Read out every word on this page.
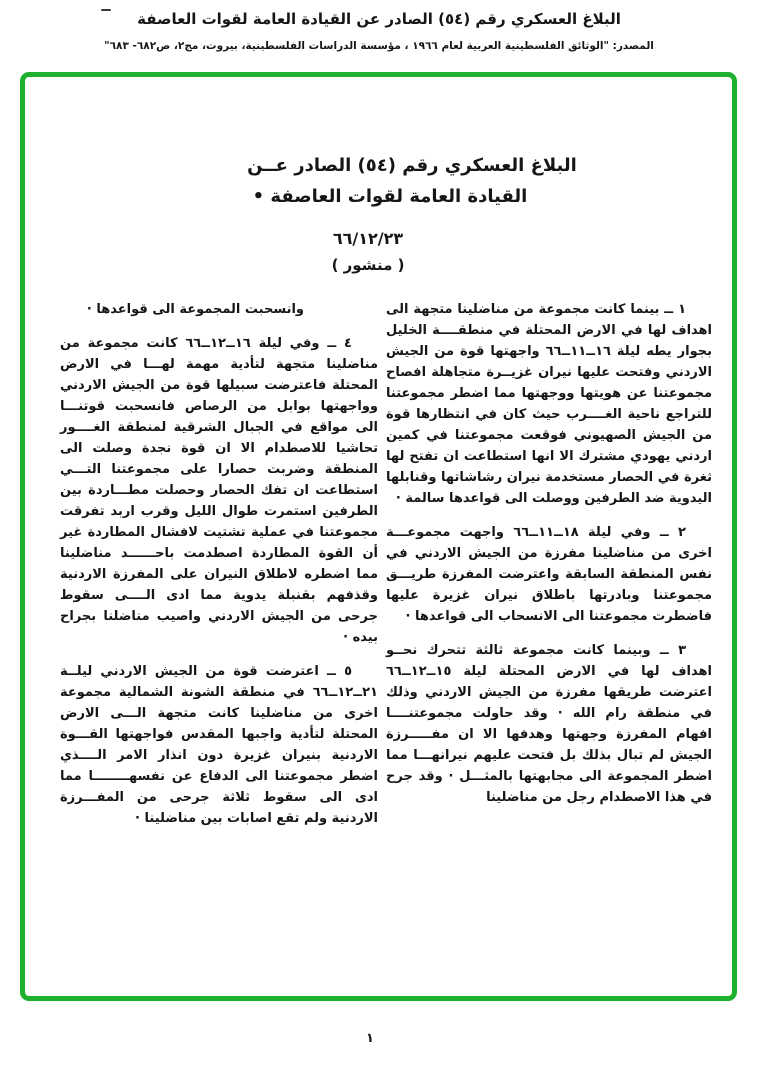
البلاغ العسكري رقم (٥٤) الصادر عن القيادة العامة لقوات العاصفة
المصدر: "الوثائق الفلسطينية العربية لعام ١٩٦٦ ، مؤسسة الدراسات الفلسطينية، بيروت، مج٢، ص٦٨٢- ٦٨٣"
البلاغ العسكري رقم (٥٤) الصادر عــن
القيادة العامة لقوات العاصفة •
٦٦/١٢/٢٣
( منشور )

١ ــ بينما كانت مجموعة من مناضلينا متجهة الى اهداف لها في الارض المحتلة في منطقــــة الخليل بجوار يطه ليلة ١٦ــ١١ــ٦٦ واجهتها قوة من الجيش الاردني وفتحت عليها نيران غزيــرة متجاهلة افصاح مجموعتنا عن هويتها ووجهتها مما اضطر مجموعتنا للتراجع ناحية الغــــرب حيث كان في انتظارها قوة من الجيش الصهيوني فوقعت مجموعتنا في كمين اردني يهودي مشترك الا انها استطاعت ان تفتح لها ثغرة في الحصار مستخدمة نيران رشاشاتها وقنابلها اليدوية ضد الطرفين ووصلت الى قواعدها سالمة ·

٢ ــ وفي ليلة ١٨ــ١١ــ٦٦ واجهت مجموعـــة اخرى من مناضلينا مفرزة من الجيش الاردني في نفس المنطقة السابقة واعترضت المفرزة طريـــق مجموعتنا وبادرتها باطلاق نيران غزيرة عليها فاضطرت مجموعتنا الى الانسحاب الى قواعدها ·

٣ ــ وبينما كانت مجموعة ثالثة تتحرك نحــو اهداف لها في الارض المحتلة ليلة ١٥ــ١٢ــ٦٦ اعترضت طريقها مفرزة من الجيش الاردني وذلك في منطقة رام الله · وقد حاولت مجموعتنــــا افهام المفرزة وجهتها وهدفها الا ان مفـــــرزة الجيش لم تبال بذلك بل فتحت عليهم نيرانهـــا مما اضطر المجموعة الى مجابهتها بالمثـــل · وقد جرح في هذا الاصطدام رجل من مناضلينا

وانسحبت المجموعة الى قواعدها ·

٤ ــ وفي ليلة ١٦ــ١٢ــ٦٦ كانت مجموعة من مناضلينا متجهة لتأدية مهمة لهـــا في الارض المحتلة فاعترضت سبيلها قوة من الجيش الاردني وواجهتها بوابل من الرصاص فانسحبت قوتنـــا الى مواقع في الجبال الشرقية لمنطقة الغــــور تحاشيا للاصطدام الا ان قوة نجدة وصلت الى المنطقة وضربت حصارا على مجموعتنا التـــي استطاعت ان تفك الحصار وحصلت مطـــاردة بين الطرفين استمرت طوال الليل وقرب اربد تفرقت مجموعتنا في عملية تشتيت لافشال المطاردة غير أن القوة المطاردة اصطدمت باحــــــد مناضلينا مما اضطره لاطلاق النيران على المفرزة الاردنية وقذفهم بقنبلة يدوية مما ادى الــــى سقوط جرحى من الجيش الاردني واصيب مناضلنا بجراح بيده ·

٥ ــ اعترضت قوة من الجيش الاردني ليلــة ٢١ــ١٢ــ٦٦ في منطقة الشونة الشمالية مجموعة اخرى من مناضلينا كانت متجهة الـــى الارض المحتلة لتأدية واجبها المقدس فواجهتها القـــوة الاردنية بنيران غزيرة دون انذار الامر الــــذي اضطر مجموعتنا الى الدفاع عن نفسهــــــــا مما ادى الى سقوط ثلاثة جرحى من المفـــرزة الاردنية ولم تقع اصابات بين مناضلينا ·

١
